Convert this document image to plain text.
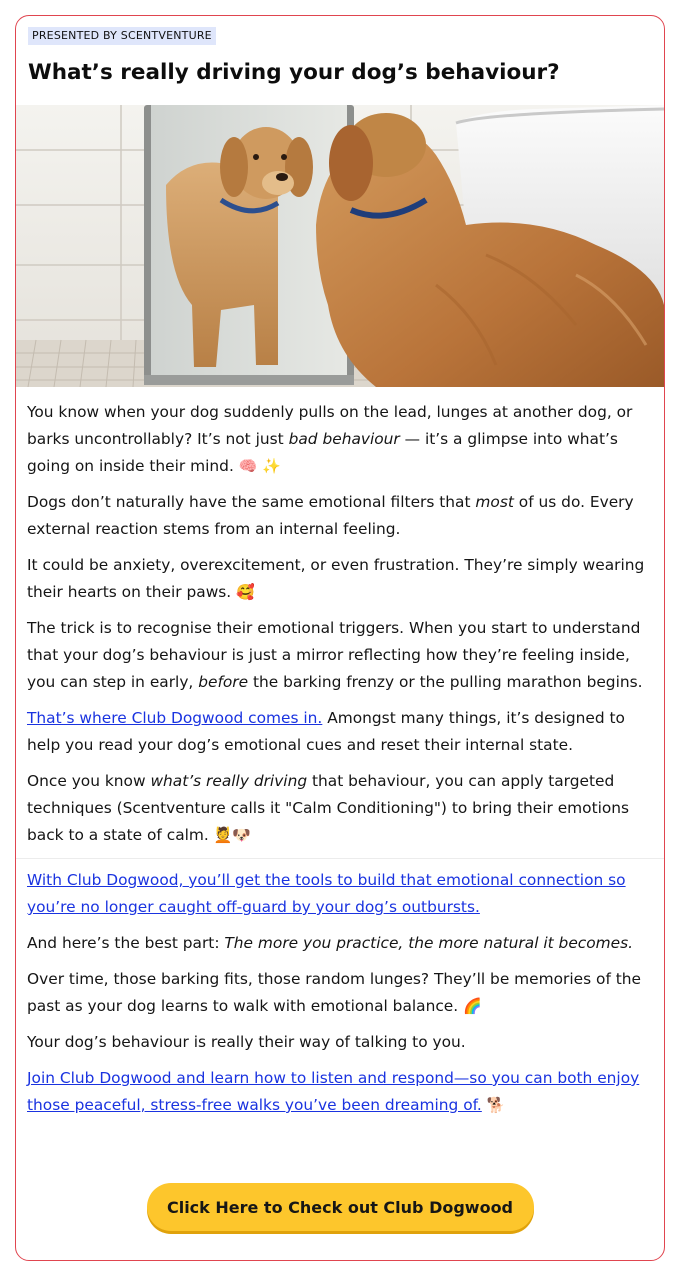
PRESENTED BY SCENTVENTURE
What’s really driving your dog’s behaviour?

You know when your dog suddenly pulls on the lead, lunges at another dog, or barks uncontrollably? It’s not just bad behaviour — it’s a glimpse into what’s going on inside their mind. 🧠 ✨

Dogs don’t naturally have the same emotional filters that most of us do. Every external reaction stems from an internal feeling.

It could be anxiety, overexcitement, or even frustration. They’re simply wearing their hearts on their paws. 🥰

The trick is to recognise their emotional triggers. When you start to understand that your dog’s behaviour is just a mirror reflecting how they’re feeling inside, you can step in early, before the barking frenzy or the pulling marathon begins.

That’s where Club Dogwood comes in. Amongst many things, it’s designed to help you read your dog’s emotional cues and reset their internal state.

Once you know what’s really driving that behaviour, you can apply targeted techniques (Scentventure calls it "Calm Conditioning") to bring their emotions back to a state of calm. 💆🐶

With Club Dogwood, you’ll get the tools to build that emotional connection so you’re no longer caught off-guard by your dog’s outbursts.

And here’s the best part: The more you practice, the more natural it becomes.

Over time, those barking fits, those random lunges? They’ll be memories of the past as your dog learns to walk with emotional balance. 🌈

Your dog’s behaviour is really their way of talking to you.

Join Club Dogwood and learn how to listen and respond—so you can both enjoy those peaceful, stress-free walks you’ve been dreaming of. 🐕

Click Here to Check out Club Dogwood
